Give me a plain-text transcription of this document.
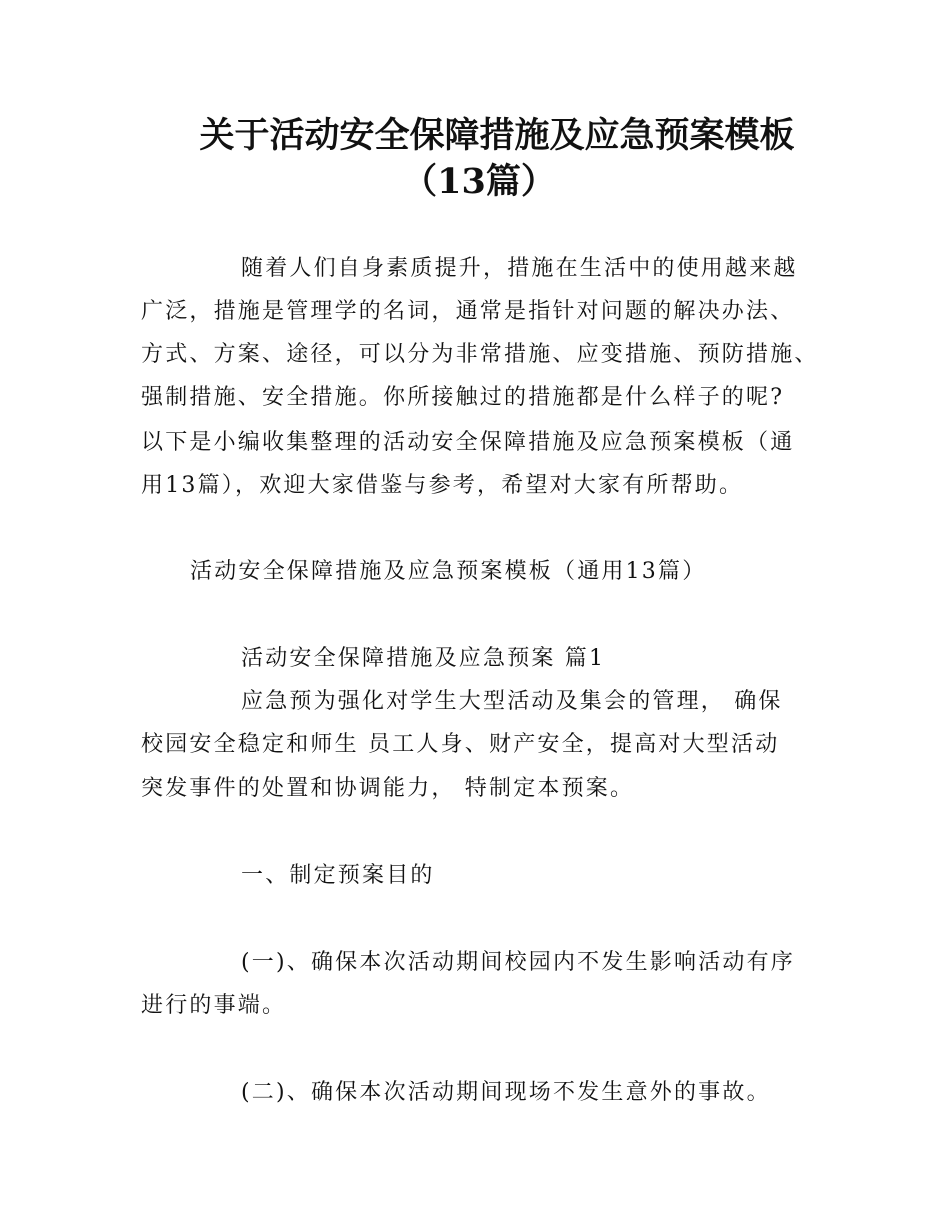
关于活动安全保障措施及应急预案模板
（13篇）
随着人们自身素质提升，措施在生活中的使用越来越
广泛，措施是管理学的名词，通常是指针对问题的解决办法、
方式、方案、途径，可以分为非常措施、应变措施、预防措施、
强制措施、安全措施。你所接触过的措施都是什么样子的呢?
以下是小编收集整理的活动安全保障措施及应急预案模板（通
用13篇），欢迎大家借鉴与参考，希望对大家有所帮助。
活动安全保障措施及应急预案模板（通用13篇）
活动安全保障措施及应急预案 篇1
应急预为强化对学生大型活动及集会的管理， 确保
校园安全稳定和师生 员工人身、财产安全，提高对大型活动
突发事件的处置和协调能力， 特制定本预案。
一、制定预案目的
(一)、确保本次活动期间校园内不发生影响活动有序
进行的事端。
(二)、确保本次活动期间现场不发生意外的事故。
